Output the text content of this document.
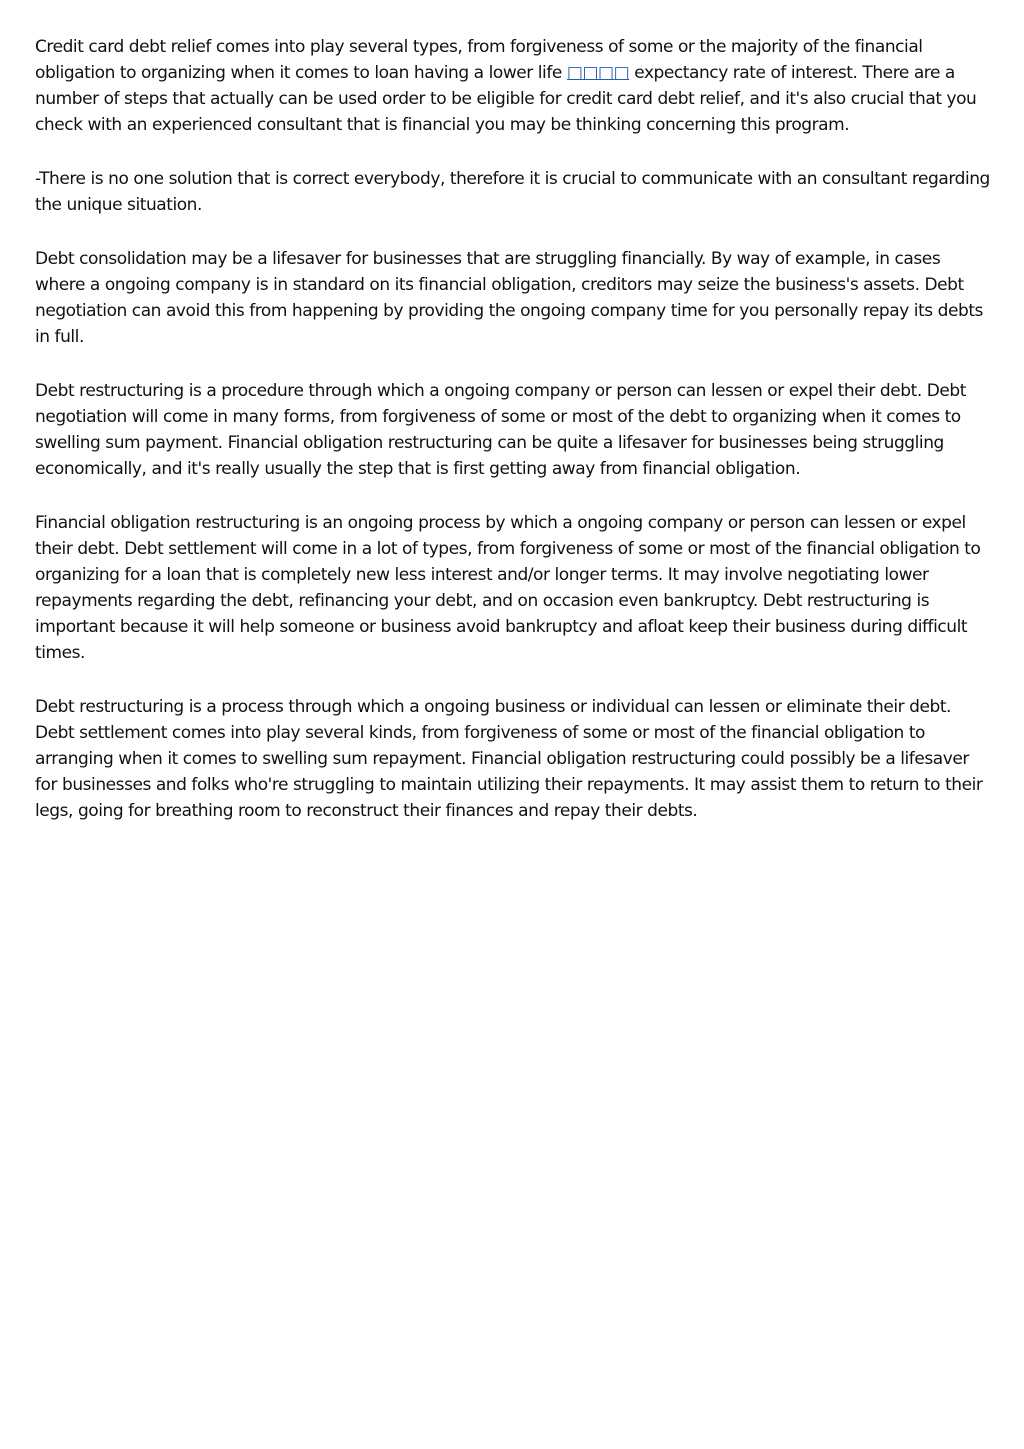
Credit card debt relief comes into play several types, from forgiveness of some or the majority of the financial obligation to organizing when it comes to loan having a lower life □□□□ expectancy rate of interest. There are a number of steps that actually can be used order to be eligible for credit card debt relief, and it's also crucial that you check with an experienced consultant that is financial you may be thinking concerning this program.

-There is no one solution that is correct everybody, therefore it is crucial to communicate with an consultant regarding the unique situation.

Debt consolidation may be a lifesaver for businesses that are struggling financially. By way of example, in cases where a ongoing company is in standard on its financial obligation, creditors may seize the business's assets. Debt negotiation can avoid this from happening by providing the ongoing company time for you personally repay its debts in full.

Debt restructuring is a procedure through which a ongoing company or person can lessen or expel their debt. Debt negotiation will come in many forms, from forgiveness of some or most of the debt to organizing when it comes to swelling sum payment. Financial obligation restructuring can be quite a lifesaver for businesses being struggling economically, and it's really usually the step that is first getting away from financial obligation.

Financial obligation restructuring is an ongoing process by which a ongoing company or person can lessen or expel their debt. Debt settlement will come in a lot of types, from forgiveness of some or most of the financial obligation to organizing for a loan that is completely new less interest and/or longer terms. It may involve negotiating lower repayments regarding the debt, refinancing your debt, and on occasion even bankruptcy. Debt restructuring is important because it will help someone or business avoid bankruptcy and afloat keep their business during difficult times.

Debt restructuring is a process through which a ongoing business or individual can lessen or eliminate their debt. Debt settlement comes into play several kinds, from forgiveness of some or most of the financial obligation to arranging when it comes to swelling sum repayment. Financial obligation restructuring could possibly be a lifesaver for businesses and folks who're struggling to maintain utilizing their repayments. It may assist them to return to their legs, going for breathing room to reconstruct their finances and repay their debts.
